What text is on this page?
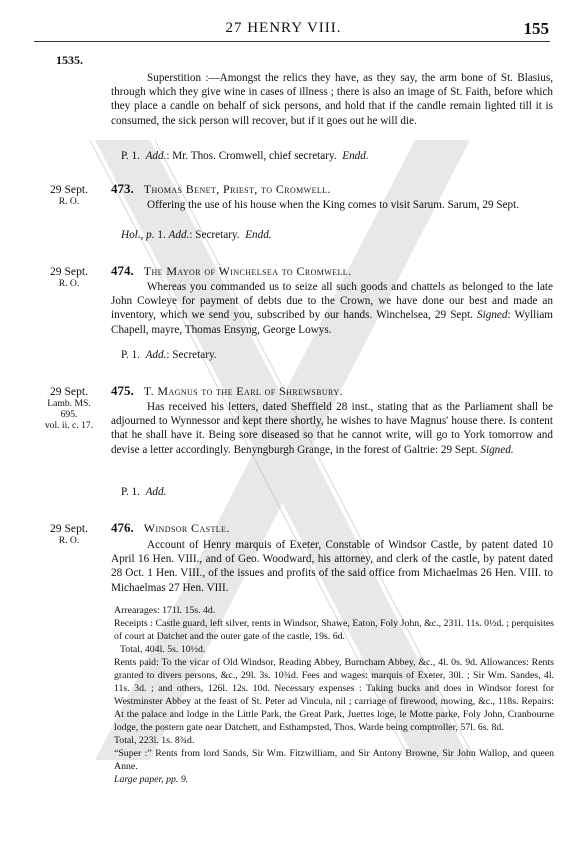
27 HENRY VIII.	155
1535.
Superstition :—Amongst the relics they have, as they say, the arm bone of St. Blasius, through which they give wine in cases of illness ; there is also an image of St. Faith, before which they place a candle on behalf of sick persons, and hold that if the candle remain lighted till it is consumed, the sick person will recover, but if it goes out he will die.
P. 1. Add.: Mr. Thos. Cromwell, chief secretary. Endd.
29 Sept.
R. O.
473. Thomas Benet, Priest, to Cromwell.
Offering the use of his house when the King comes to visit Sarum. Sarum, 29 Sept.
Hol., p. 1. Add.: Secretary. Endd.
29 Sept.
R. O.
474. The Mayor of Winchelsea to Cromwell.
Whereas you commanded us to seize all such goods and chattels as belonged to the late John Cowleye for payment of debts due to the Crown, we have done our best and made an inventory, which we send you, subscribed by our hands. Winchelsea, 29 Sept. Signed: Wylliam Chapell, mayre, Thomas Ensyng, George Lowys.
P. 1. Add.: Secretary.
29 Sept.
Lamb. MS.
695.
vol. ii. c. 17.
475. T. Magnus to the Earl of Shrewsbury.
Has received his letters, dated Sheffield 28 inst., stating that as the Parliament shall be adjourned to Wynnessor and kept there shortly, he wishes to have Magnus' house there. Is content that he shall have it. Being sore diseased so that he cannot write, will go to York tomorrow and devise a letter accordingly. Benyngburgh Grange, in the forest of Galtrie: 29 Sept. Signed.
P. 1. Add.
29 Sept.
R. O.
476. Windsor Castle.
Account of Henry marquis of Exeter, Constable of Windsor Castle, by patent dated 10 April 16 Hen. VIII., and of Geo. Woodward, his attorney, and clerk of the castle, by patent dated 28 Oct. 1 Hen. VIII., of the issues and profits of the said office from Michaelmas 26 Hen. VIII. to Michaelmas 27 Hen. VIII.

Arrearages: 171l. 15s. 4d.

Receipts : Castle guard, left silver, rents in Windsor, Shawe, Eaton, Foly John, &c., 231l. 11s. 0½d. ; perquisites of court at Datchet and the outer gate of the castle, 19s. 6d.

Total, 404l. 5s. 10½d.

Rents paid: To the vicar of Old Windsor, Reading Abbey, Burncham Abbey, &c., 4l. 0s. 9d. Allowances: Rents granted to divers persons, &c., 29l. 3s. 10¾d. Fees and wages: marquis of Exeter, 30l. ; Sir Wm. Sandes, 4l. 11s. 3d. ; and others, 126l. 12s. 10d. Necessary expenses : Taking bucks and does in Windsor forest for Westminster Abbey at the feast of St. Peter ad Vincula, nil ; carriage of firewood, mowing, &c., 118s. Repairs: At the palace and lodge in the Little Park, the Great Park, Juettes loge, le Motte parke, Foly John, Cranbourne lodge, the postern gate near Datchett, and Esthampsted, Thos. Warde being comptroller, 57l. 6s. 8d.

Total, 223l. 1s. 8¾d.

“Super :” Rents from lord Sands, Sir Wm. Fitzwilliam, and Sir Antony Browne, Sir John Wallop, and queen Anne.

Large paper, pp. 9.
